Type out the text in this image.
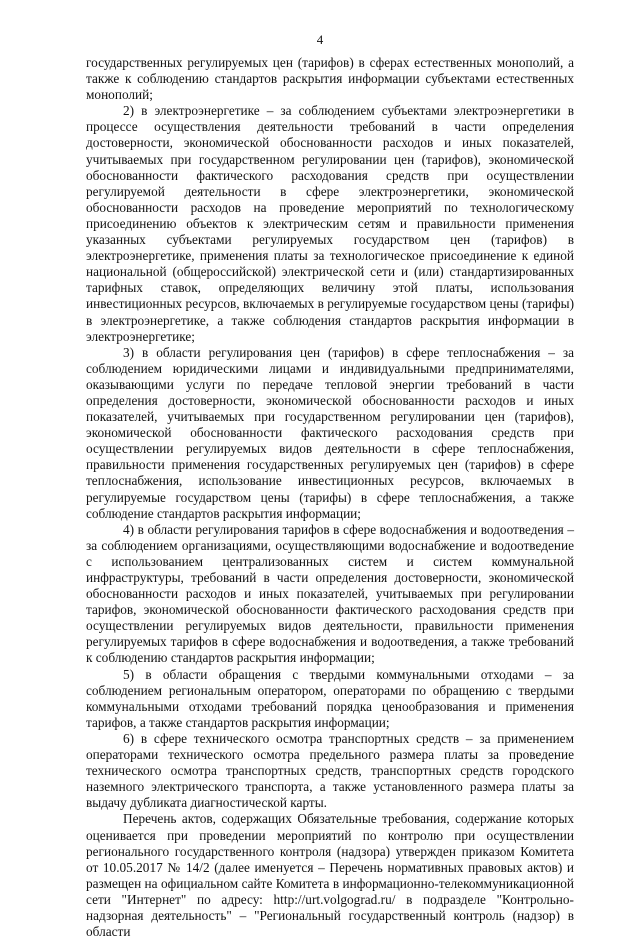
4

государственных регулируемых цен (тарифов) в сферах естественных монополий, а также к соблюдению стандартов раскрытия информации субъектами естественных монополий;

2) в электроэнергетике – за соблюдением субъектами электроэнергетики в процессе осуществления деятельности требований в части определения достоверности, экономической обоснованности расходов и иных показателей, учитываемых при государственном регулировании цен (тарифов), экономической обоснованности фактического расходования средств при осуществлении регулируемой деятельности в сфере электроэнергетики, экономической обоснованности расходов на проведение мероприятий по технологическому присоединению объектов к электрическим сетям и правильности применения указанных субъектами регулируемых государством цен (тарифов) в электроэнергетике, применения платы за технологическое присоединение к единой национальной (общероссийской) электрической сети и (или) стандартизированных тарифных ставок, определяющих величину этой платы, использования инвестиционных ресурсов, включаемых в регулируемые государством цены (тарифы) в электроэнергетике, а также соблюдения стандартов раскрытия информации в электроэнергетике;

3) в области регулирования цен (тарифов) в сфере теплоснабжения – за соблюдением юридическими лицами и индивидуальными предпринимателями, оказывающими услуги по передаче тепловой энергии требований в части определения достоверности, экономической обоснованности расходов и иных показателей, учитываемых при государственном регулировании цен (тарифов), экономической обоснованности фактического расходования средств при осуществлении регулируемых видов деятельности в сфере теплоснабжения, правильности применения государственных регулируемых цен (тарифов) в сфере теплоснабжения, использование инвестиционных ресурсов, включаемых в регулируемые государством цены (тарифы) в сфере теплоснабжения, а также соблюдение стандартов раскрытия информации;

4) в области регулирования тарифов в сфере водоснабжения и водоотведения – за соблюдением организациями, осуществляющими водоснабжение и водоотведение с использованием централизованных систем и систем коммунальной инфраструктуры, требований в части определения достоверности, экономической обоснованности расходов и иных показателей, учитываемых при регулировании тарифов, экономической обоснованности фактического расходования средств при осуществлении регулируемых видов деятельности, правильности применения регулируемых тарифов в сфере водоснабжения и водоотведения, а также требований к соблюдению стандартов раскрытия информации;

5) в области обращения с твердыми коммунальными отходами – за соблюдением региональным оператором, операторами по обращению с твердыми коммунальными отходами требований порядка ценообразования и применения тарифов, а также стандартов раскрытия информации;

6) в сфере технического осмотра транспортных средств – за применением операторами технического осмотра предельного размера платы за проведение технического осмотра транспортных средств, транспортных средств городского наземного электрического транспорта, а также установленного размера платы за выдачу дубликата диагностической карты.

Перечень актов, содержащих Обязательные требования, содержание которых оценивается при проведении мероприятий по контролю при осуществлении регионального государственного контроля (надзора) утвержден приказом Комитета от 10.05.2017 № 14/2 (далее именуется – Перечень нормативных правовых актов) и размещен на официальном сайте Комитета в информационно-телекоммуникационной сети "Интернет" по адресу: http://urt.volgograd.ru/ в подразделе "Контрольно-надзорная деятельность" – "Региональный государственный контроль (надзор) в области
